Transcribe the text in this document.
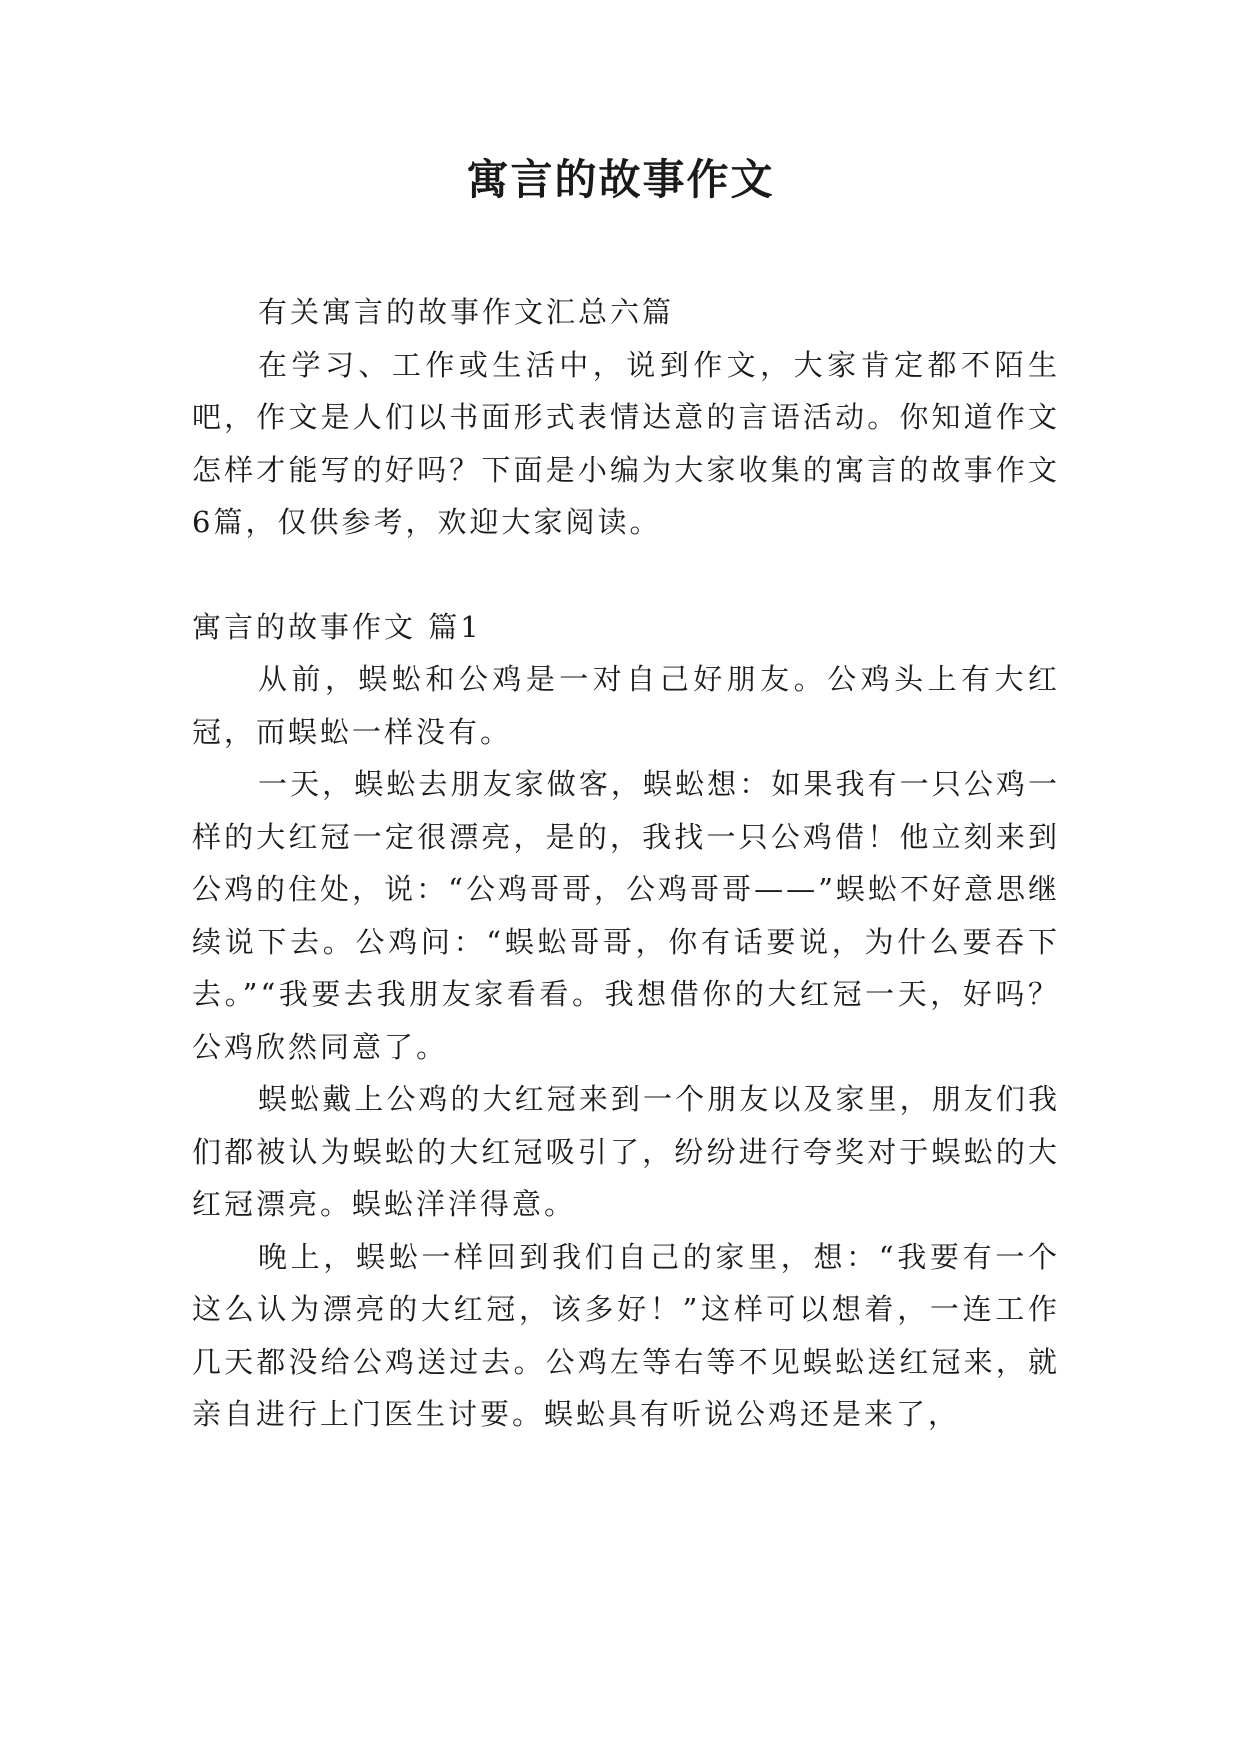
寓言的故事作文

有关寓言的故事作文汇总六篇

在学习、工作或生活中，说到作文，大家肯定都不陌生吧，作文是人们以书面形式表情达意的言语活动。你知道作文怎样才能写的好吗？下面是小编为大家收集的寓言的故事作文6篇，仅供参考，欢迎大家阅读。

寓言的故事作文 篇1

从前，蜈蚣和公鸡是一对自己好朋友。公鸡头上有大红冠，而蜈蚣一样没有。

一天，蜈蚣去朋友家做客，蜈蚣想：如果我有一只公鸡一样的大红冠一定很漂亮，是的，我找一只公鸡借！他立刻来到公鸡的住处，说：“公鸡哥哥，公鸡哥哥——”蜈蚣不好意思继续说下去。公鸡问：“蜈蚣哥哥，你有话要说，为什么要吞下去。”“我要去我朋友家看看。我想借你的大红冠一天，好吗？公鸡欣然同意了。

蜈蚣戴上公鸡的大红冠来到一个朋友以及家里，朋友们我们都被认为蜈蚣的大红冠吸引了，纷纷进行夸奖对于蜈蚣的大红冠漂亮。蜈蚣洋洋得意。

晚上，蜈蚣一样回到我们自己的家里，想：“我要有一个这么认为漂亮的大红冠，该多好！”这样可以想着，一连工作几天都没给公鸡送过去。公鸡左等右等不见蜈蚣送红冠来，就亲自进行上门医生讨要。蜈蚣具有听说公鸡还是来了，
